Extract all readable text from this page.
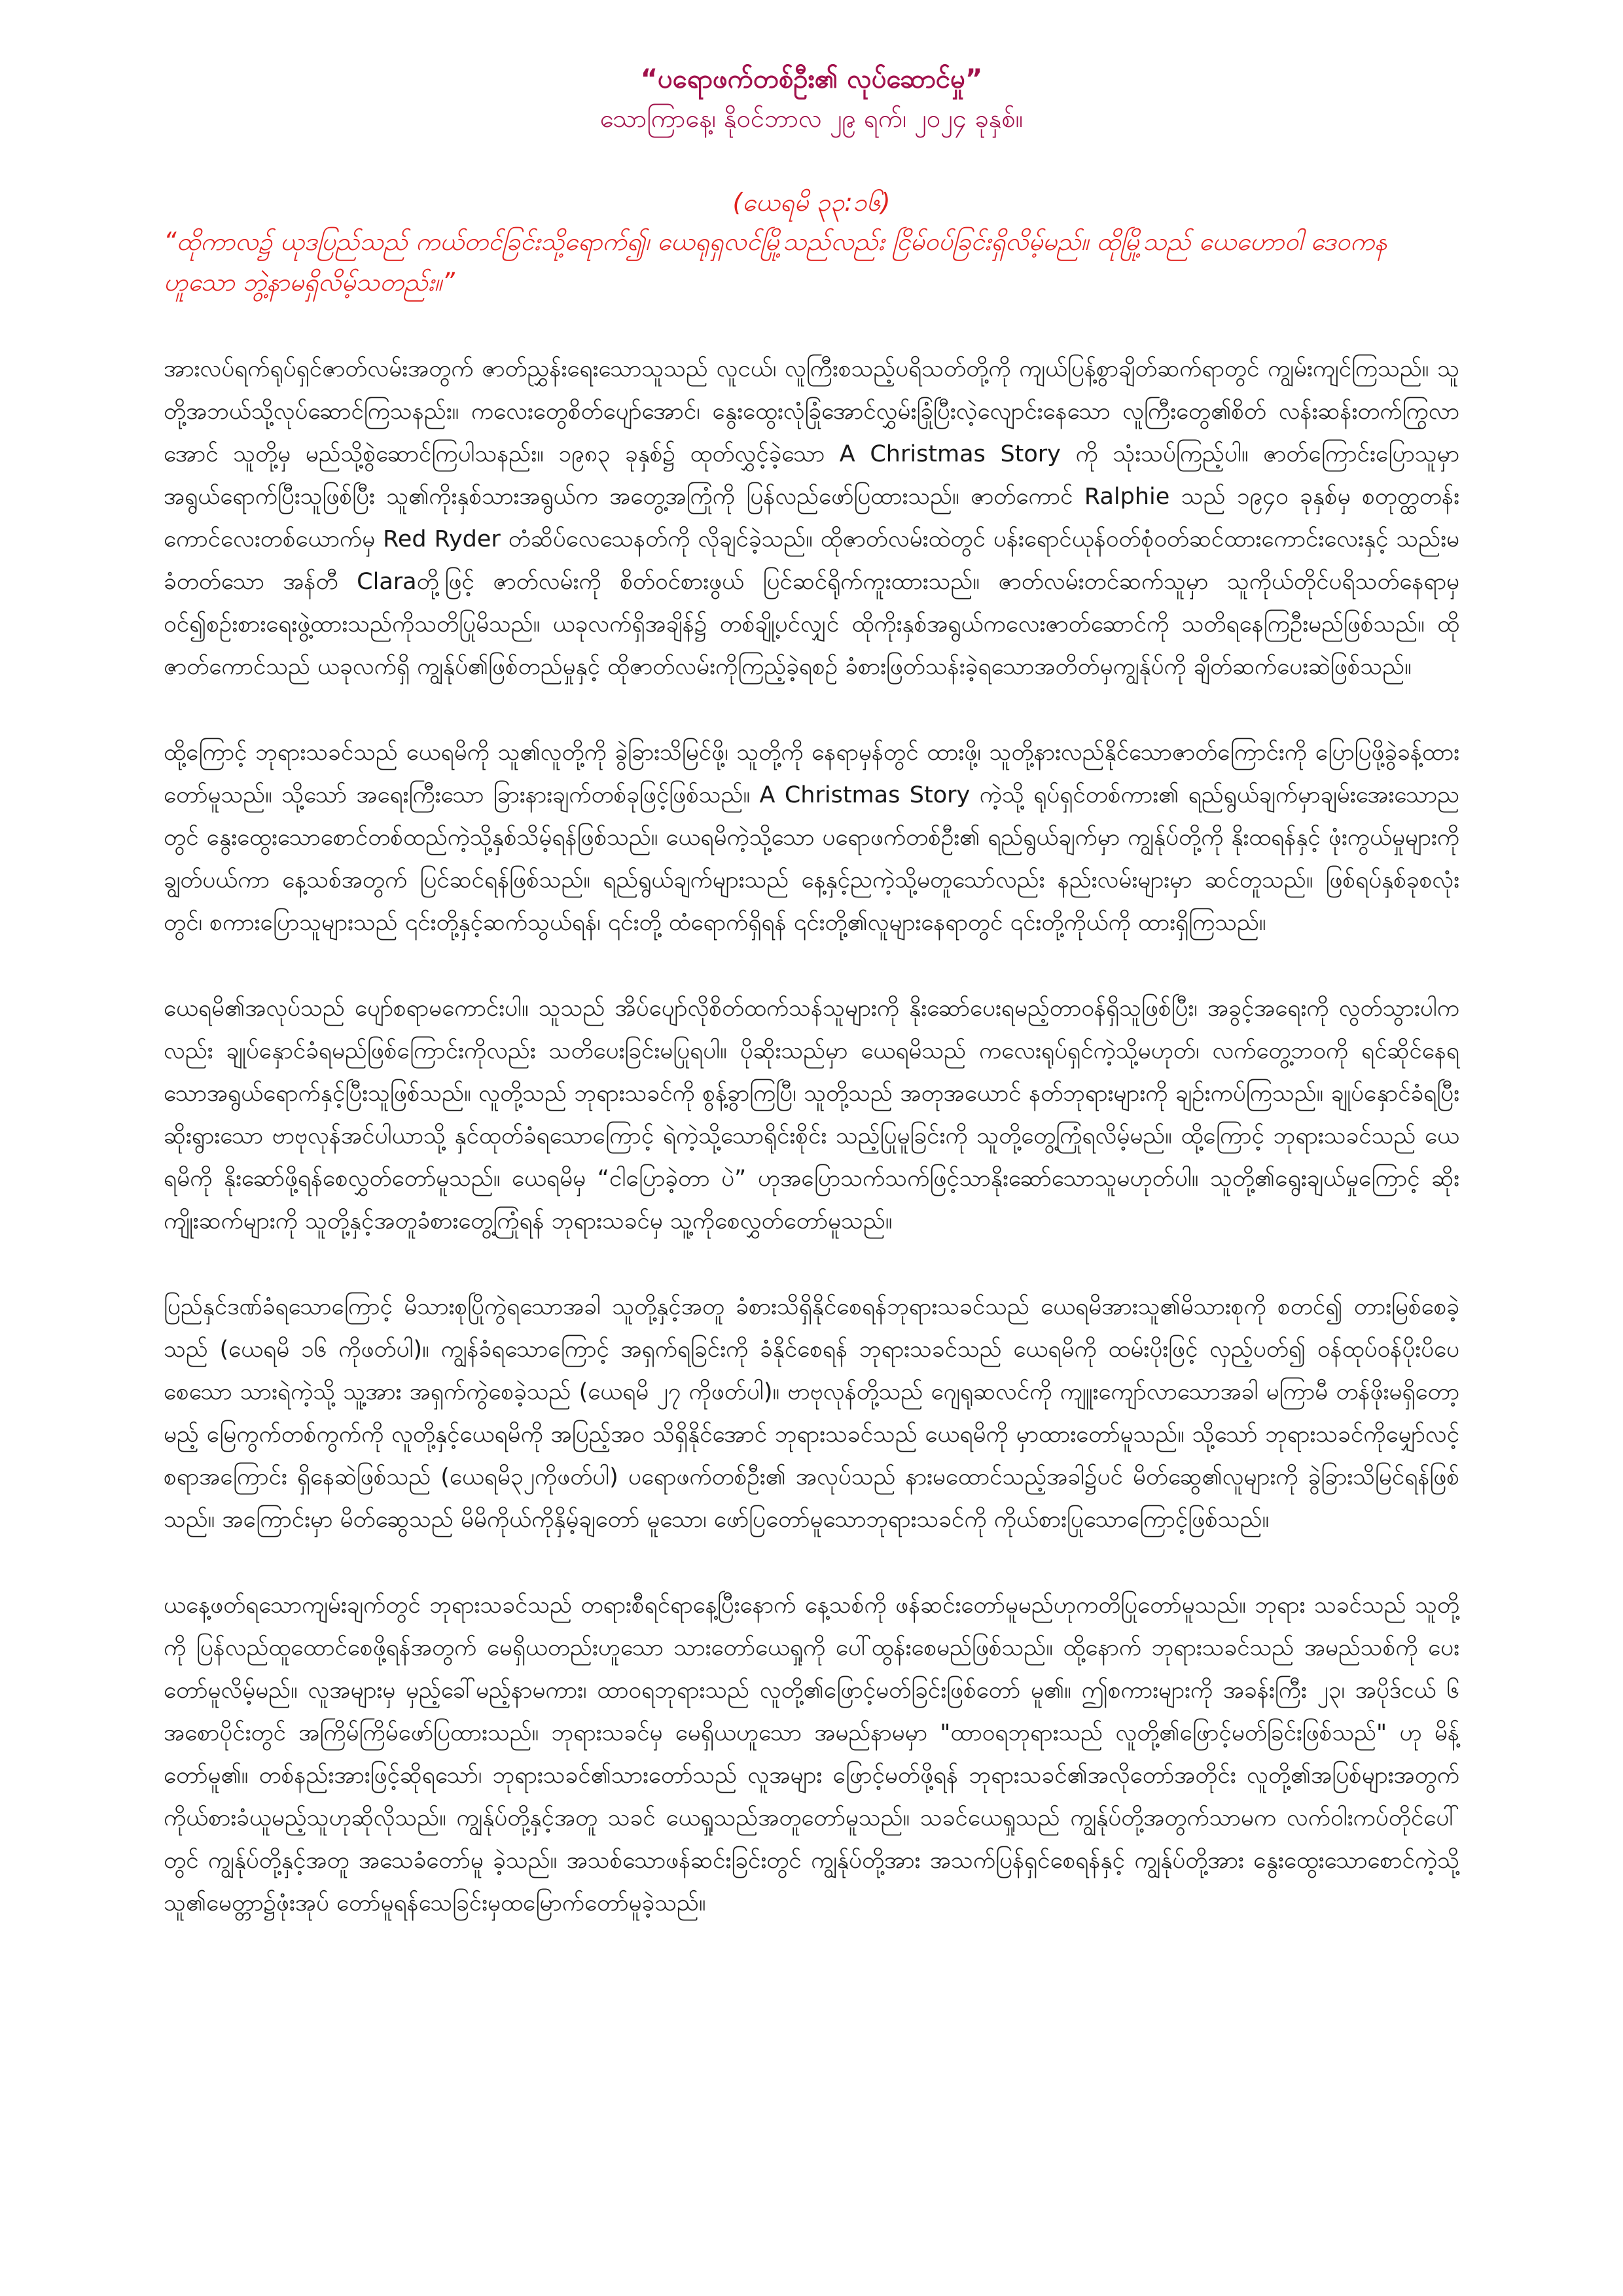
“ပရောဖက်တစ်ဦး၏ လုပ်ဆောင်မှု”

သောကြာနေ့၊ နိုဝင်ဘာလ ၂၉ ရက်၊ ၂၀၂၄ ခုနှစ်။

(ယေရမိ ၃၃:၁၆)

“ထိုကာလ၌ ယုဒပြည်သည် ကယ်တင်ခြင်းသို့ရောက်၍၊ ယေရုရှလင်မြို့သည်လည်း ငြိမ်ဝပ်ခြင်းရှိလိမ့်မည်။ ထိုမြို့သည် ယေဟောဝါ ဒေဝကန ဟူသော ဘွဲ့နာမရှိလိမ့်သတည်း။”

အားလပ်ရက်ရုပ်ရှင်ဇာတ်လမ်းအတွက် ဇာတ်ညွှန်းရေးသောသူသည် လူငယ်၊ လူကြီးစသည့်ပရိသတ်တို့ကို ကျယ်ပြန့်စွာချိတ်ဆက်ရာတွင် ကျွမ်းကျင်ကြသည်။ သူတို့အဘယ်သို့လုပ်ဆောင်ကြသနည်း။ ကလေးတွေစိတ်ပျော်အောင်၊ နွေးထွေးလုံခြုံအောင်လွှမ်းခြုံပြီးလဲ့လျောင်းနေသော လူကြီးတွေ၏စိတ် လန်းဆန်းတက်ကြွလာအောင် သူတို့မှ မည်သို့စွဲဆောင်ကြပါသနည်း။ ၁၉၈၃ ခုနှစ်၌ ထုတ်လွှင့်ခဲ့သော A Christmas Story ကို သုံးသပ်ကြည့်ပါ။ ဇာတ်ကြောင်းပြောသူမှာအရွယ်ရောက်ပြီးသူဖြစ်ပြီး သူ၏ကိုးနှစ်သားအရွယ်က အတွေ့အကြုံကို ပြန်လည်ဖော်ပြထားသည်။ ဇာတ်ကောင် Ralphie သည် ၁၉၄၀ ခုနှစ်မှ စတုတ္ထတန်းကောင်လေးတစ်ယောက်မှ Red Ryder တံဆိပ်လေသေနတ်ကို လိုချင်ခဲ့သည်။ ထိုဇာတ်လမ်းထဲတွင် ပန်းရောင်ယုန်ဝတ်စုံဝတ်ဆင်ထားကောင်းလေးနှင့် သည်းမခံတတ်သော အန်တီ Claraတို့ဖြင့် ဇာတ်လမ်းကို စိတ်ဝင်စားဖွယ် ပြင်ဆင်ရိုက်ကူးထားသည်။ ဇာတ်လမ်းတင်ဆက်သူမှာ သူကိုယ်တိုင်ပရိသတ်နေရာမှ ဝင်၍စဉ်းစားရေးဖွဲ့ထားသည်ကိုသတိပြုမိသည်။ ယခုလက်ရှိအချိန်၌ တစ်ချို့ပင်လျှင် ထိုကိုးနှစ်အရွယ်ကလေးဇာတ်ဆောင်ကို သတိရနေကြဦးမည်ဖြစ်သည်။ ထိုဇာတ်ကောင်သည် ယခုလက်ရှိ ကျွန်ုပ်၏ဖြစ်တည်မှုနှင့် ထိုဇာတ်လမ်းကိုကြည့်ခဲ့ရစဉ် ခံစားဖြတ်သန်းခဲ့ရသောအတိတ်မှကျွန်ုပ်ကို ချိတ်ဆက်ပေးဆဲဖြစ်သည်။

ထို့ကြောင့် ဘုရားသခင်သည် ယေရမိကို သူ၏လူတို့ကို ခွဲခြားသိမြင်ဖို့၊ သူတို့ကို နေရာမှန်တွင် ထားဖို့၊ သူတို့နားလည်နိုင်သောဇာတ်ကြောင်းကို ပြောပြဖို့ခွဲခန့်ထားတော်မူသည်။ သို့သော် အရေးကြီးသော ခြားနားချက်တစ်ခုဖြင့်ဖြစ်သည်။ A Christmas Story ကဲ့သို့ ရုပ်ရှင်တစ်ကား၏ ရည်ရွယ်ချက်မှာချမ်းအေးသောညတွင် နွေးထွေးသောစောင်တစ်ထည်ကဲ့သို့နှစ်သိမ့်ရန်ဖြစ်သည်။ ယေရမိကဲ့သို့သော ပရောဖက်တစ်ဦး၏ ရည်ရွယ်ချက်မှာ ကျွန်ုပ်တို့ကို နိုးထရန်နှင့် ဖုံးကွယ်မှုများကို ချွတ်ပယ်ကာ နေ့သစ်အတွက် ပြင်ဆင်ရန်ဖြစ်သည်။ ရည်ရွယ်ချက်များသည် နေ့နှင့်ညကဲ့သို့မတူသော်လည်း နည်းလမ်းများမှာ ဆင်တူသည်။ ဖြစ်ရပ်နှစ်ခုစလုံးတွင်၊ စကားပြောသူများသည် ၎င်းတို့နှင့်ဆက်သွယ်ရန်၊ ၎င်းတို့ ထံရောက်ရှိရန် ၎င်းတို့၏လူများနေရာတွင် ၎င်းတို့ကိုယ်ကို ထားရှိကြသည်။

ယေရမိ၏အလုပ်သည် ပျော်စရာမကောင်းပါ။ သူသည် အိပ်ပျော်လိုစိတ်ထက်သန်သူများကို နိုးဆော်ပေးရမည့်တာဝန်ရှိသူဖြစ်ပြီး၊ အခွင့်အရေးကို လွတ်သွားပါကလည်း ချုပ်နှောင်ခံရမည်ဖြစ်ကြောင်းကိုလည်း သတိပေးခြင်းမပြုရပါ။ ပိုဆိုးသည်မှာ ယေရမိသည် ကလေးရုပ်ရှင်ကဲ့သို့မဟုတ်၊ လက်တွေ့ဘဝကို ရင်ဆိုင်နေရသောအရွယ်ရောက်နှင့်ပြီးသူဖြစ်သည်။ လူတို့သည် ဘုရားသခင်ကို စွန့်ခွာကြပြီ၊ သူတို့သည် အတုအယောင် နတ်ဘုရားများကို ချဉ်းကပ်ကြသည်။ ချုပ်နှောင်ခံရပြီး ဆိုးရွားသော ဗာဗုလုန်အင်ပါယာသို့ နှင်ထုတ်ခံရသောကြောင့် ရဲကဲ့သို့သောရိုင်းစိုင်း သည့်ပြုမူခြင်းကို သူတို့တွေ့ကြုံရလိမ့်မည်။ ထို့ကြောင့် ဘုရားသခင်သည် ယေရမိကို နိုးဆော်ဖို့ရန်စေလွှတ်တော်မူသည်။ ယေရမိမှ “ငါပြောခဲ့တာ ပဲ” ဟုအပြောသက်သက်ဖြင့်သာနိုးဆော်သောသူမဟုတ်ပါ။ သူတို့၏ရွေးချယ်မှုကြောင့် ဆိုးကျိုးဆက်များကို သူတို့နှင့်အတူခံစားတွေ့ကြုံရန် ဘုရားသခင်မှ သူ့ကိုစေလွှတ်တော်မူသည်။

ပြည်နှင်ဒဏ်ခံရသောကြောင့် မိသားစုပြိုကွဲရသောအခါ သူတို့နှင့်အတူ ခံစားသိရှိနိုင်စေရန်ဘုရားသခင်သည် ယေရမိအားသူ၏မိသားစုကို စတင်၍ တားမြစ်စေခဲ့သည် (ယေရမိ ၁၆ ကိုဖတ်ပါ)။ ကျွန်ခံရသောကြောင့် အရှက်ရခြင်းကို ခံနိုင်စေရန် ဘုရားသခင်သည် ယေရမိကို ထမ်းပိုးဖြင့် လှည့်ပတ်၍ ဝန်ထုပ်ဝန်ပိုးပိပေစေသော သားရဲကဲ့သို့ သူ့အား အရှက်ကွဲစေခဲ့သည် (ယေရမိ ၂၇ ကိုဖတ်ပါ)။ ဗာဗုလုန်တို့သည် ဂျေရုဆလင်ကို ကျူးကျော်လာသောအခါ မကြာမီ တန်ဖိုးမရှိတော့မည့် မြေကွက်တစ်ကွက်ကို လူတို့နှင့်ယေရမိကို အပြည့်အဝ သိရှိနိုင်အောင် ဘုရားသခင်သည် ယေရမိကို မှာထားတော်မူသည်။ သို့သော် ဘုရားသခင်ကိုမျှော်လင့်စရာအကြောင်း ရှိနေဆဲဖြစ်သည် (ယေရမိ၃၂ကိုဖတ်ပါ) ပရောဖက်တစ်ဦး၏ အလုပ်သည် နားမထောင်သည့်အခါ၌ပင် မိတ်ဆွေ၏လူများကို ခွဲခြားသိမြင်ရန်ဖြစ်သည်။ အကြောင်းမှာ မိတ်ဆွေသည် မိမိကိုယ်ကိုနှိမ့်ချတော် မူသော၊ ဖော်ပြတော်မူသောဘုရားသခင်ကို ကိုယ်စားပြုသောကြောင့်ဖြစ်သည်။

ယနေ့ဖတ်ရသောကျမ်းချက်တွင် ဘုရားသခင်သည် တရားစီရင်ရာနေ့ပြီးနောက် နေ့သစ်ကို ဖန်ဆင်းတော်မူမည်ဟုကတိပြုတော်မူသည်။ ဘုရား သခင်သည် သူတို့ကို ပြန်လည်ထူထောင်စေဖို့ရန်အတွက် မေရှိယတည်းဟူသော သားတော်ယေရှုကို ပေါ်ထွန်းစေမည်ဖြစ်သည်။ ထို့နောက် ဘုရားသခင်သည် အမည်သစ်ကို ပေးတော်မူလိမ့်မည်။ လူအများမှ မှည့်ခေါ်မည့်နာမကား၊ ထာဝရဘုရားသည် လူတို့၏ဖြောင့်မတ်ခြင်းဖြစ်တော် မူ၏။ ဤစကားများကို အခန်းကြီး ၂၃၊ အပိုဒ်ငယ် ၆ အစောပိုင်းတွင် အကြိမ်ကြိမ်ဖော်ပြထားသည်။ ဘုရားသခင်မှ မေရှိယဟူသော အမည်နာမမှာ "ထာဝရဘုရားသည် လူတို့၏ဖြောင့်မတ်ခြင်းဖြစ်သည်" ဟု မိန့်တော်မူ၏။ တစ်နည်းအားဖြင့်ဆိုရသော်၊ ဘုရားသခင်၏သားတော်သည် လူအများ ဖြောင့်မတ်ဖို့ရန် ဘုရားသခင်၏အလိုတော်အတိုင်း လူတို့၏အပြစ်များအတွက် ကိုယ်စားခံယူမည့်သူဟုဆိုလိုသည်။ ကျွန်ုပ်တို့နှင့်အတူ သခင် ယေရှုသည်အတူတော်မူသည်။ သခင်ယေရှုသည် ကျွန်ုပ်တို့အတွက်သာမက လက်ဝါးကပ်တိုင်ပေါ်တွင် ကျွန်ုပ်တို့နှင့်အတူ အသေခံတော်မူ ခဲ့သည်။ အသစ်သောဖန်ဆင်းခြင်းတွင် ကျွန်ုပ်တို့အား အသက်ပြန်ရှင်စေရန်နှင့် ကျွန်ုပ်တို့အား နွေးထွေးသောစောင်ကဲ့သို့ သူ၏မေတ္တာ၌ဖုံးအုပ် တော်မူရန်သေခြင်းမှထမြောက်တော်မူခဲ့သည်။
